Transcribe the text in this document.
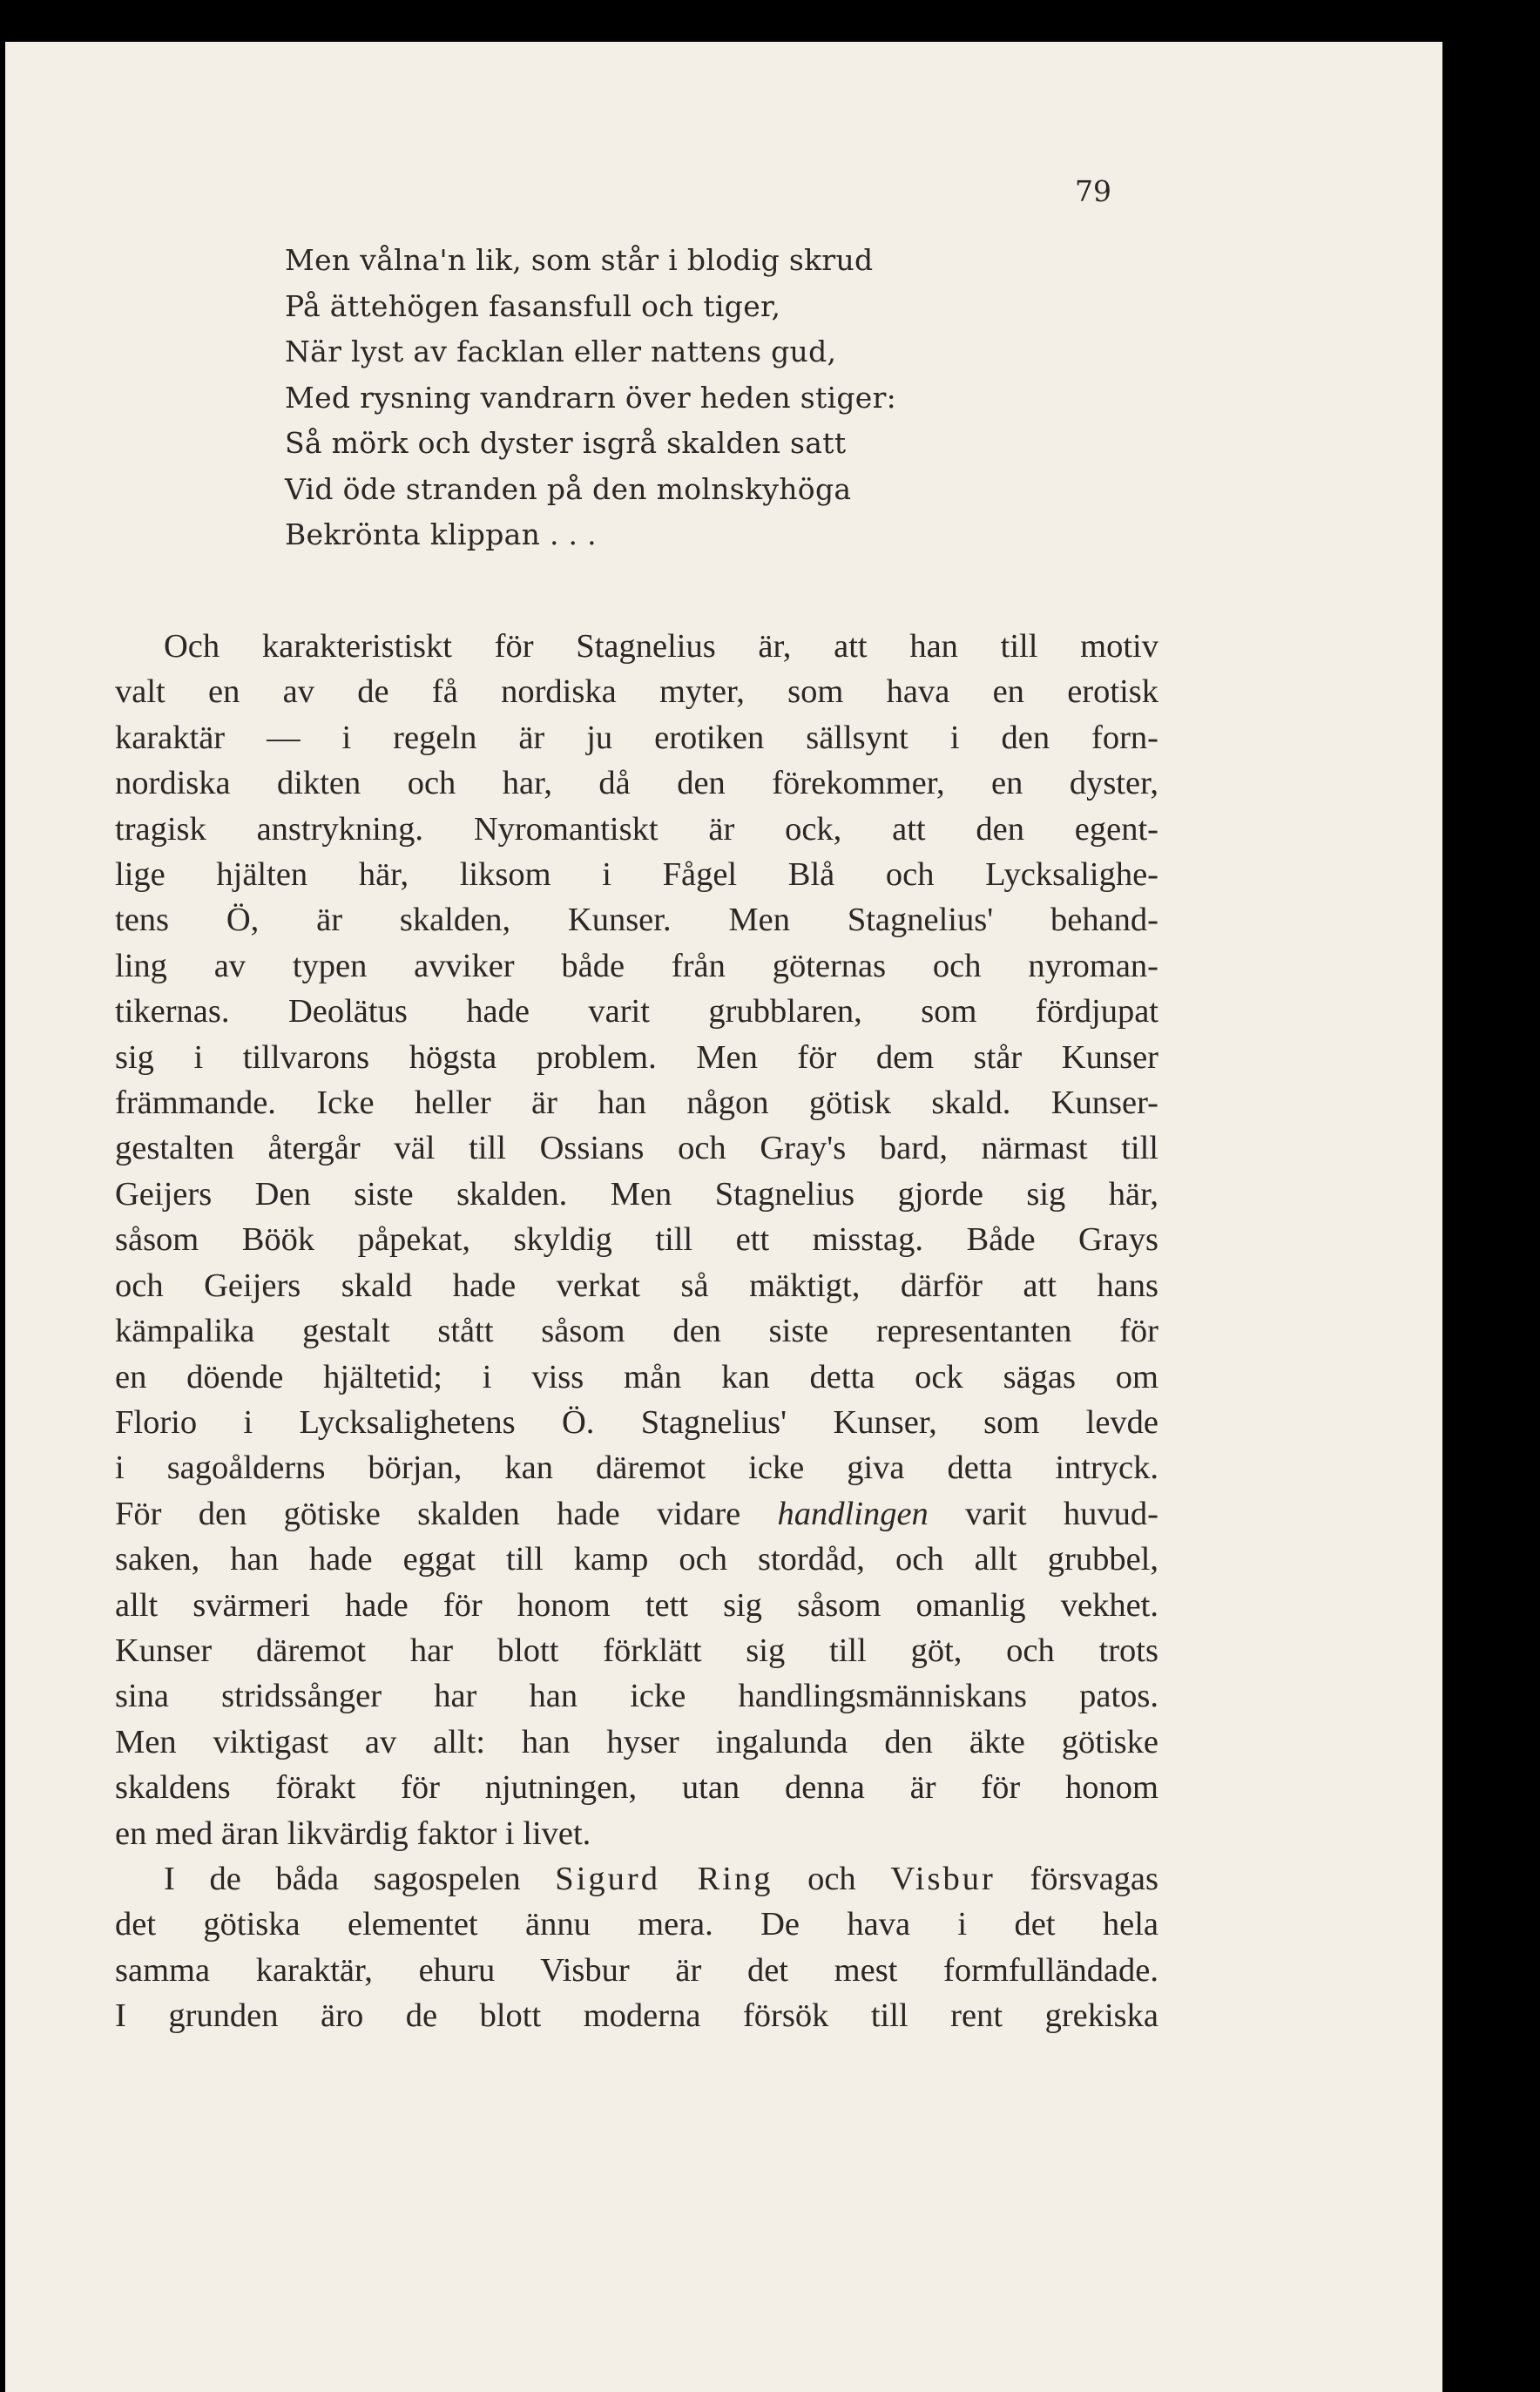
79

Men vålna'n lik, som står i blodig skrud

På ättehögen fasansfull och tiger,

När lyst av facklan eller nattens gud,

Med rysning vandrarn över heden stiger:

Så mörk och dyster isgrå skalden satt

Vid öde stranden på den molnskyhöga

Bekrönta klippan . . .

Och karakteristiskt för Stagnelius är, att han till motiv

valt en av de få nordiska myter, som hava en erotisk

karaktär — i regeln är ju erotiken sällsynt i den forn-

nordiska dikten och har, då den förekommer, en dyster,

tragisk anstrykning. Nyromantiskt är ock, att den egent-

lige hjälten här, liksom i Fågel Blå och Lycksalighe-

tens Ö, är skalden, Kunser. Men Stagnelius' behand-

ling av typen avviker både från göternas och nyroman-

tikernas. Deolätus hade varit grubblaren, som fördjupat

sig i tillvarons högsta problem. Men för dem står Kunser

främmande. Icke heller är han någon götisk skald. Kunser-

gestalten återgår väl till Ossians och Gray's bard, närmast till

Geijers Den siste skalden. Men Stagnelius gjorde sig här,

såsom Böök påpekat, skyldig till ett misstag. Både Grays

och Geijers skald hade verkat så mäktigt, därför att hans

kämpalika gestalt stått såsom den siste representanten för

en döende hjältetid; i viss mån kan detta ock sägas om

Florio i Lycksalighetens Ö. Stagnelius' Kunser, som levde

i sagoålderns början, kan däremot icke giva detta intryck.

För den götiske skalden hade vidare handlingen varit huvud-

saken, han hade eggat till kamp och stordåd, och allt grubbel,

allt svärmeri hade för honom tett sig såsom omanlig vekhet.

Kunser däremot har blott förklätt sig till göt, och trots

sina stridssånger har han icke handlingsmänniskans patos.

Men viktigast av allt: han hyser ingalunda den äkte götiske

skaldens förakt för njutningen, utan denna är för honom

en med äran likvärdig faktor i livet.

I de båda sagospelen Sigurd Ring och Visbur försvagas

det götiska elementet ännu mera. De hava i det hela

samma karaktär, ehuru Visbur är det mest formfulländade.

I grunden äro de blott moderna försök till rent grekiska
